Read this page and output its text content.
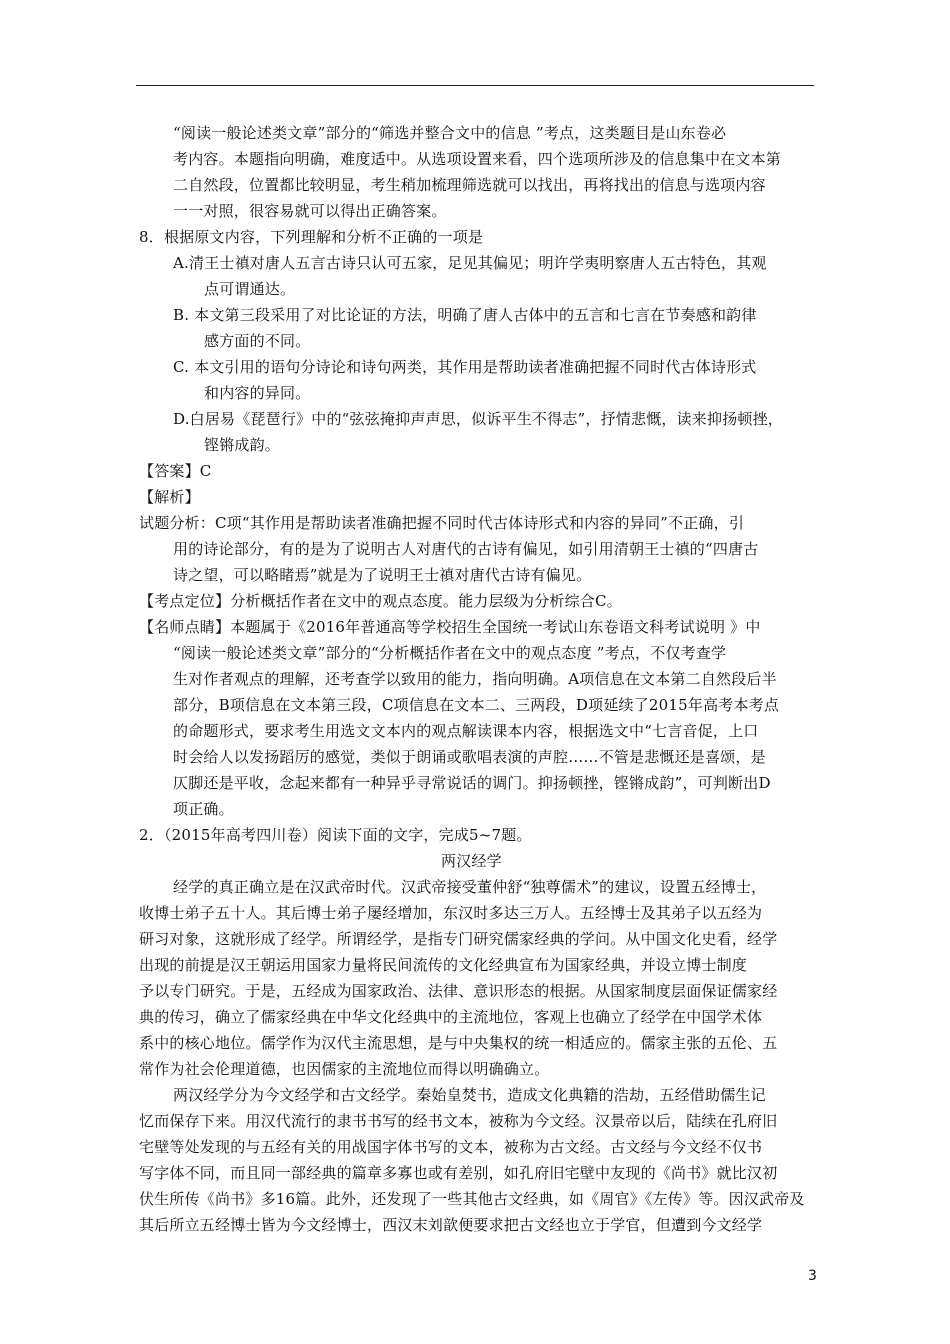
“阅读一般论述类文章”部分的“筛选并整合文中的信息 ”考点，这类题目是山东卷必
考内容。本题指向明确，难度适中。从选项设置来看，四个选项所涉及的信息集中在文本第
二自然段，位置都比较明显，考生稍加梳理筛选就可以找出，再将找出的信息与选项内容
一一对照，很容易就可以得出正确答案。
8．根据原文内容，下列理解和分析不正确的一项是
A.清王士禛对唐人五言古诗只认可五家，足见其偏见；明许学夷明察唐人五古特色，其观
点可谓通达。
B. 本文第三段采用了对比论证的方法，明确了唐人古体中的五言和七言在节奏感和韵律
感方面的不同。
C. 本文引用的语句分诗论和诗句两类，其作用是帮助读者准确把握不同时代古体诗形式
和内容的异同。
D.白居易《琵琶行》中的“弦弦掩抑声声思，似诉平生不得志”，抒情悲慨，读来抑扬顿挫，
铿锵成韵。
【答案】C
【解析】
试题分析：C项“其作用是帮助读者准确把握不同时代古体诗形式和内容的异同”不正确，引
用的诗论部分，有的是为了说明古人对唐代的古诗有偏见，如引用清朝王士禛的“四唐古
诗之望，可以略睹焉”就是为了说明王士禛对唐代古诗有偏见。
【考点定位】分析概括作者在文中的观点态度。能力层级为分析综合C。
【名师点睛】本题属于《2016年普通高等学校招生全国统一考试山东卷语文科考试说明 》中
“阅读一般论述类文章”部分的“分析概括作者在文中的观点态度 ”考点，不仅考查学
生对作者观点的理解，还考查学以致用的能力，指向明确。A项信息在文本第二自然段后半
部分，B项信息在文本第三段，C项信息在文本二、三两段，D项延续了2015年高考本考点
的命题形式，要求考生用选文文本内的观点解读课本内容，根据选文中“七言音促，上口
时会给人以发扬蹈厉的感觉，类似于朗诵或歌唱表演的声腔……不管是悲慨还是喜颂，是
仄脚还是平收，念起来都有一种异乎寻常说话的调门。抑扬顿挫，铿锵成韵”，可判断出D
项正确。
2．（2015年高考四川卷）阅读下面的文字，完成5~7题。
两汉经学
经学的真正确立是在汉武帝时代。汉武帝接受董仲舒“独尊儒术”的建议，设置五经博士，
收博士弟子五十人。其后博士弟子屡经增加，东汉时多达三万人。五经博士及其弟子以五经为
研习对象，这就形成了经学。所谓经学，是指专门研究儒家经典的学问。从中国文化史看，经学
出现的前提是汉王朝运用国家力量将民间流传的文化经典宣布为国家经典，并设立博士制度
予以专门研究。于是，五经成为国家政治、法律、意识形态的根据。从国家制度层面保证儒家经
典的传习，确立了儒家经典在中华文化经典中的主流地位，客观上也确立了经学在中国学术体
系中的核心地位。儒学作为汉代主流思想，是与中央集权的统一相适应的。儒家主张的五伦、五
常作为社会伦理道德，也因儒家的主流地位而得以明确确立。
两汉经学分为今文经学和古文经学。秦始皇焚书，造成文化典籍的浩劫，五经借助儒生记
忆而保存下来。用汉代流行的隶书书写的经书文本，被称为今文经。汉景帝以后，陆续在孔府旧
宅壁等处发现的与五经有关的用战国字体书写的文本，被称为古文经。古文经与今文经不仅书
写字体不同，而且同一部经典的篇章多寡也或有差别，如孔府旧宅壁中友现的《尚书》就比汉初
伏生所传《尚书》多16篇。此外，还发现了一些其他古文经典，如《周官》《左传》等。因汉武帝及
其后所立五经博士皆为今文经博士，西汉末刘歆便要求把古文经也立于学官，但遭到今文经学
3
